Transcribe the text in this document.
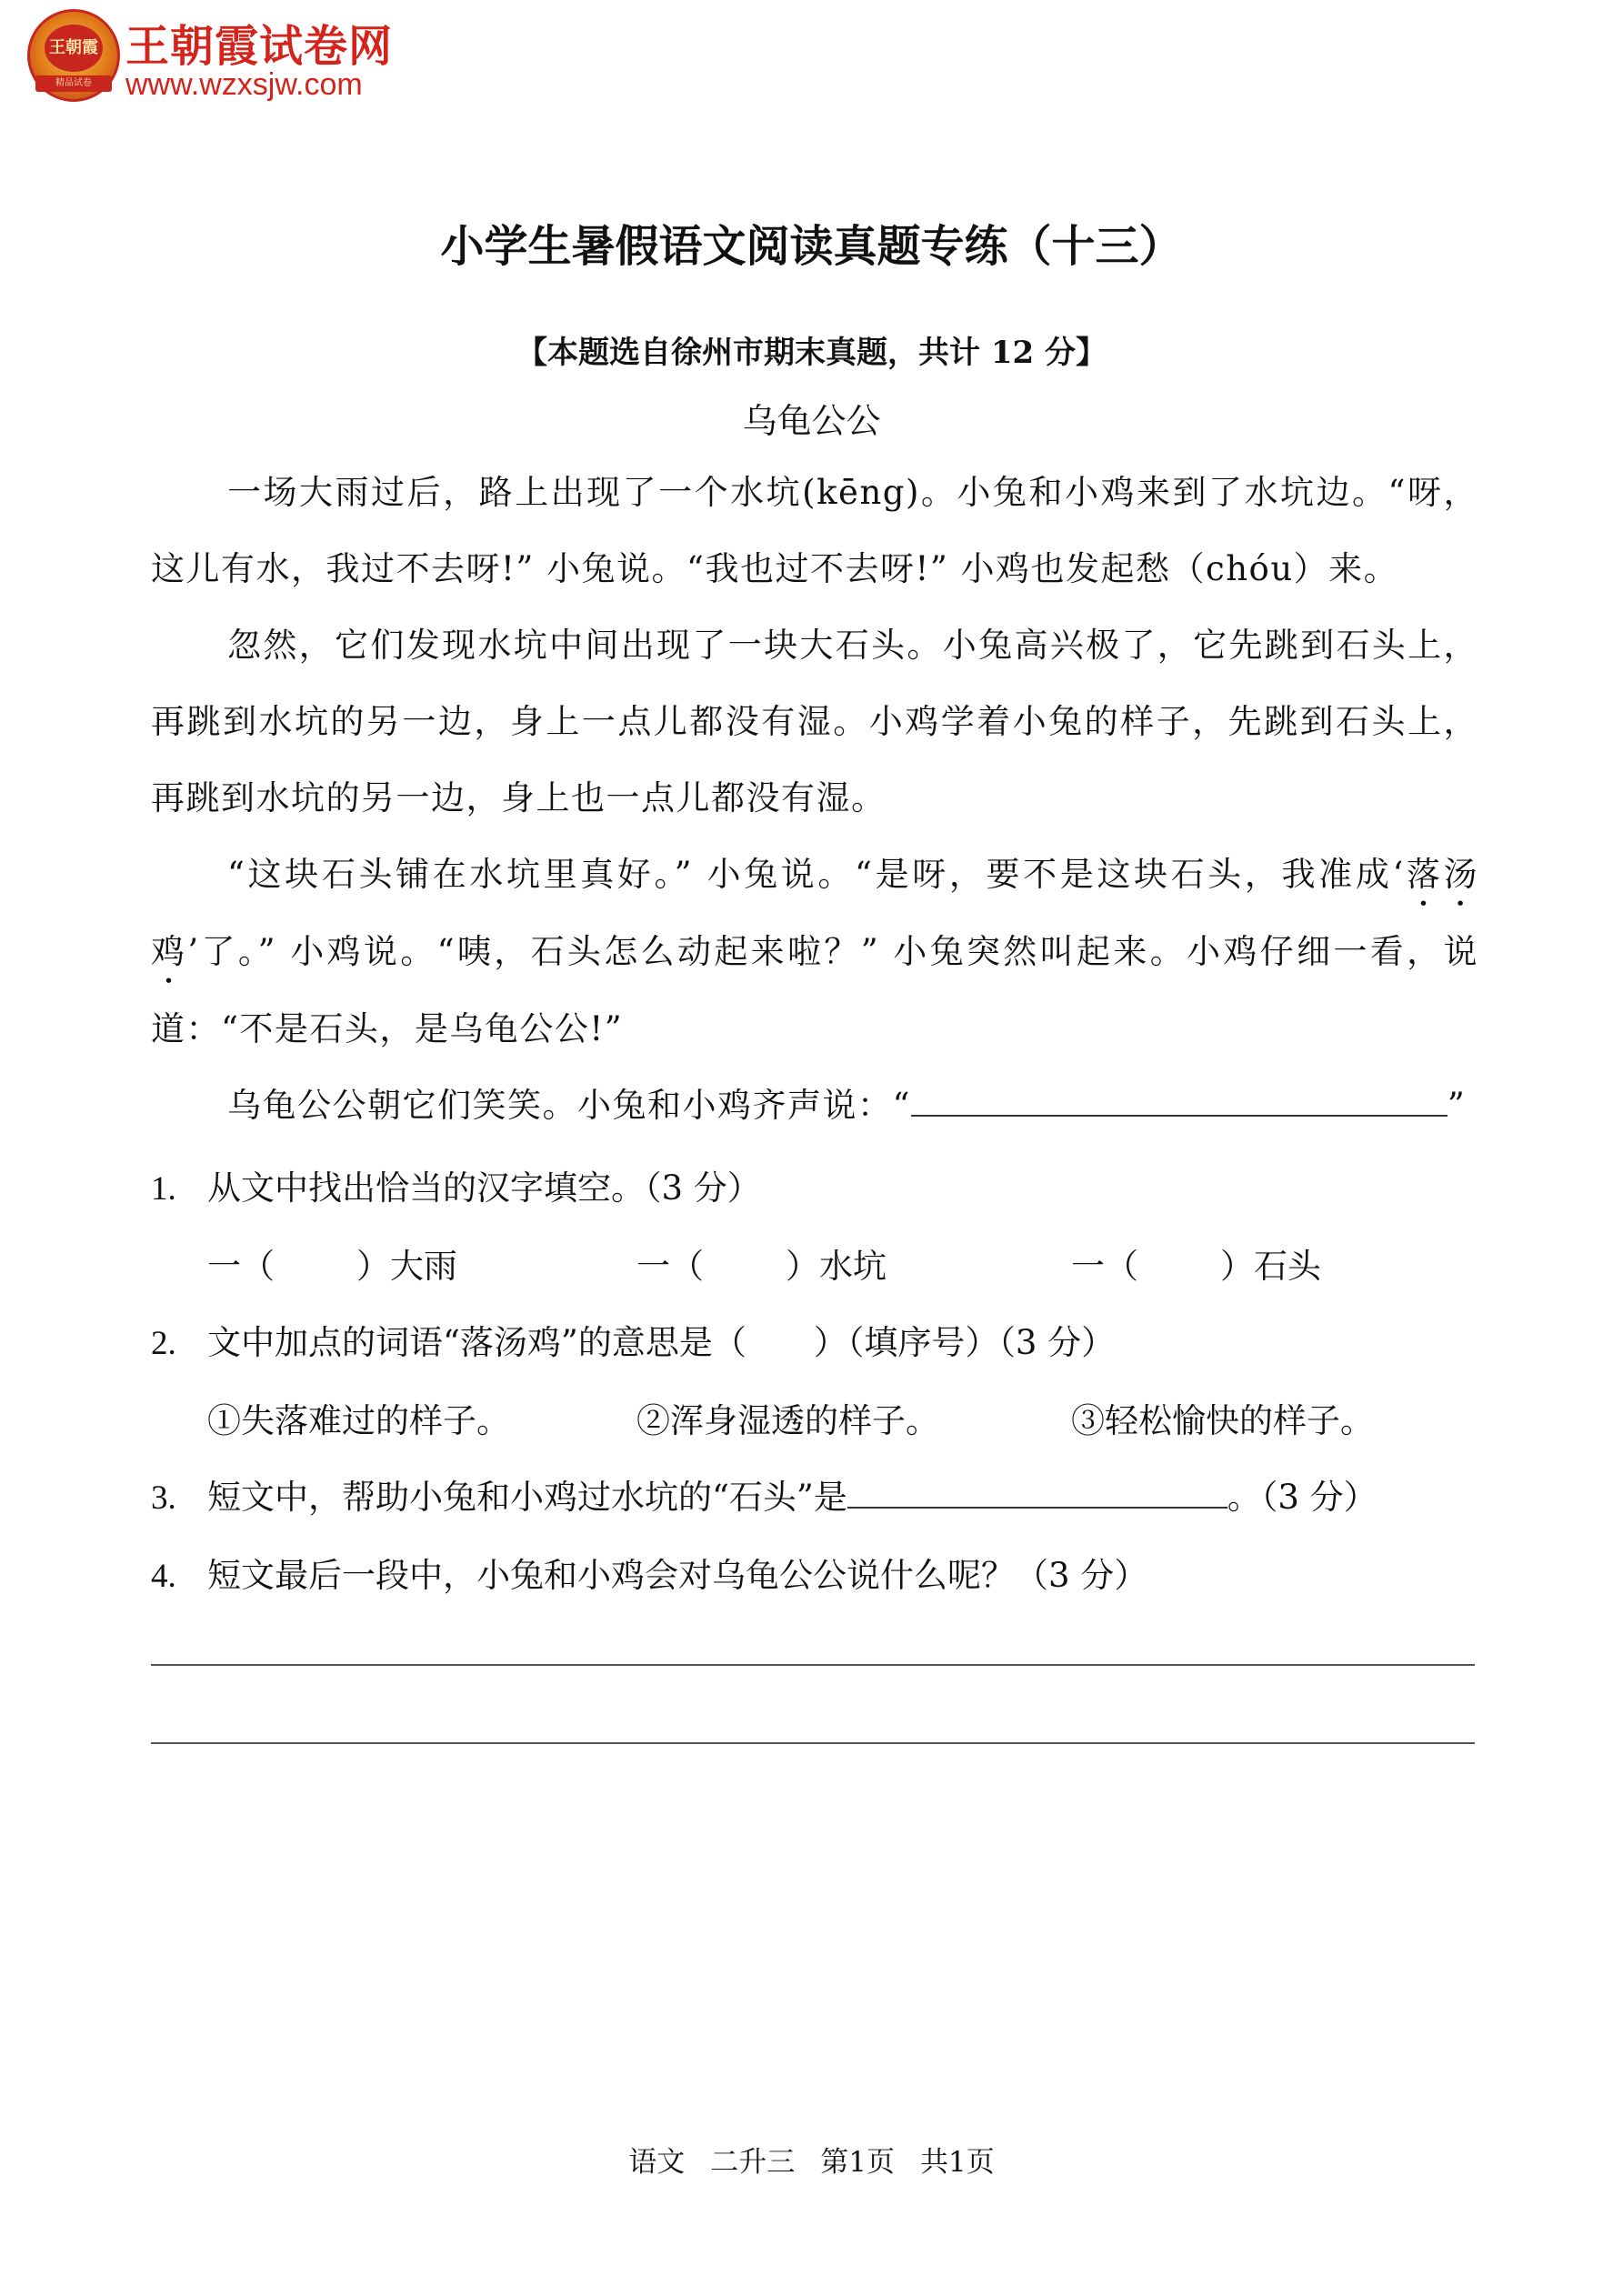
王朝霞
精品试卷
王朝霞试卷网
www.wzxsjw.com
小学生暑假语文阅读真题专练（十三）
【本题选自徐州市期末真题，共计 12 分】
乌龟公公

一场大雨过后，路上出现了一个水坑(kēng)。小兔和小鸡来到了水坑边。“呀，这儿有水，我过不去呀!” 小兔说。“我也过不去呀!” 小鸡也发起愁（chóu）来。

忽然，它们发现水坑中间出现了一块大石头。小兔高兴极了，它先跳到石头上，再跳到水坑的另一边，身上一点儿都没有湿。小鸡学着小兔的样子，先跳到石头上，再跳到水坑的另一边，身上也一点儿都没有湿。

“这块石头铺在水坑里真好。” 小兔说。“是呀，要不是这块石头，我准成‘落汤鸡’了。” 小鸡说。“咦，石头怎么动起来啦？” 小兔突然叫起来。小鸡仔细一看，说道：“不是石头，是乌龟公公!”

乌龟公公朝它们笑笑。小兔和小鸡齐声说：“	”

1. 从文中找出恰当的汉字填空。（3 分）
一（ ）大雨	一（ ）水坑	一（ ）石头
2. 文中加点的词语“落汤鸡”的意思是（　　）（填序号）（3 分）
①失落难过的样子。	②浑身湿透的样子。	③轻松愉快的样子。
3. 短文中，帮助小兔和小鸡过水坑的“石头”是	。（3 分）
4. 短文最后一段中，小兔和小鸡会对乌龟公公说什么呢？（3 分）
语文 二升三 第1页 共1页
